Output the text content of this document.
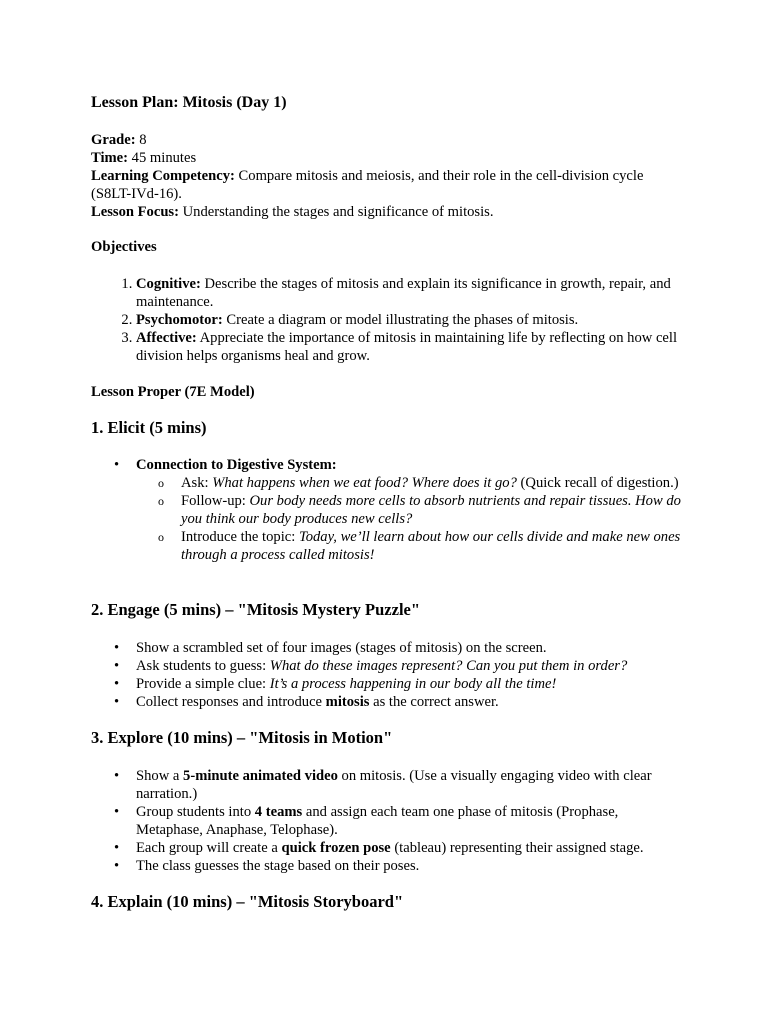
Lesson Plan: Mitosis (Day 1)
Grade: 8
Time: 45 minutes
Learning Competency: Compare mitosis and meiosis, and their role in the cell-division cycle (S8LT-IVd-16).
Lesson Focus: Understanding the stages and significance of mitosis.
Objectives
1. Cognitive: Describe the stages of mitosis and explain its significance in growth, repair, and maintenance.
2. Psychomotor: Create a diagram or model illustrating the phases of mitosis.
3. Affective: Appreciate the importance of mitosis in maintaining life by reflecting on how cell division helps organisms heal and grow.
Lesson Proper (7E Model)
1. Elicit (5 mins)
• Connection to Digestive System:
o Ask: What happens when we eat food? Where does it go? (Quick recall of digestion.)
o Follow-up: Our body needs more cells to absorb nutrients and repair tissues. How do you think our body produces new cells?
o Introduce the topic: Today, we’ll learn about how our cells divide and make new ones through a process called mitosis!
2. Engage (5 mins) – "Mitosis Mystery Puzzle"
• Show a scrambled set of four images (stages of mitosis) on the screen.
• Ask students to guess: What do these images represent? Can you put them in order?
• Provide a simple clue: It’s a process happening in our body all the time!
• Collect responses and introduce mitosis as the correct answer.
3. Explore (10 mins) – "Mitosis in Motion"
• Show a 5-minute animated video on mitosis. (Use a visually engaging video with clear narration.)
• Group students into 4 teams and assign each team one phase of mitosis (Prophase, Metaphase, Anaphase, Telophase).
• Each group will create a quick frozen pose (tableau) representing their assigned stage.
• The class guesses the stage based on their poses.
4. Explain (10 mins) – "Mitosis Storyboard"
